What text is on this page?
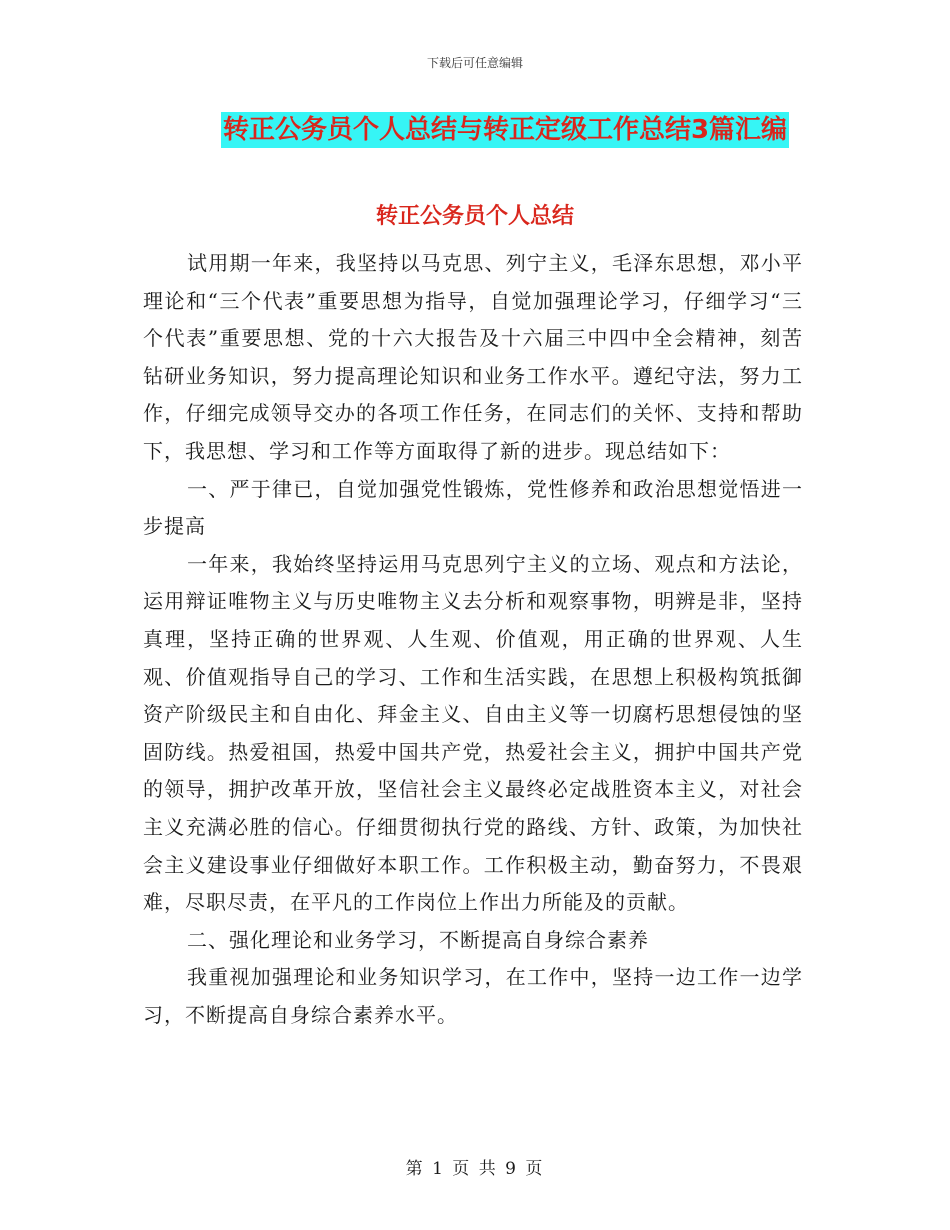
下载后可任意编辑
转正公务员个人总结与转正定级工作总结3篇汇编
转正公务员个人总结

试用期一年来，我坚持以马克思、列宁主义，毛泽东思想，邓小平理论和“三个代表”重要思想为指导，自觉加强理论学习，仔细学习“三个代表”重要思想、党的十六大报告及十六届三中四中全会精神，刻苦钻研业务知识，努力提高理论知识和业务工作水平。遵纪守法，努力工作，仔细完成领导交办的各项工作任务，在同志们的关怀、支持和帮助下，我思想、学习和工作等方面取得了新的进步。现总结如下：

一、严于律已，自觉加强党性锻炼，党性修养和政治思想觉悟进一步提高

一年来，我始终坚持运用马克思列宁主义的立场、观点和方法论，运用辩证唯物主义与历史唯物主义去分析和观察事物，明辨是非，坚持真理，坚持正确的世界观、人生观、价值观，用正确的世界观、人生观、价值观指导自己的学习、工作和生活实践，在思想上积极构筑抵御资产阶级民主和自由化、拜金主义、自由主义等一切腐朽思想侵蚀的坚固防线。热爱祖国，热爱中国共产党，热爱社会主义，拥护中国共产党的领导，拥护改革开放，坚信社会主义最终必定战胜资本主义，对社会主义充满必胜的信心。仔细贯彻执行党的路线、方针、政策，为加快社会主义建设事业仔细做好本职工作。工作积极主动，勤奋努力，不畏艰难，尽职尽责，在平凡的工作岗位上作出力所能及的贡献。

二、强化理论和业务学习，不断提高自身综合素养

我重视加强理论和业务知识学习，在工作中，坚持一边工作一边学习，不断提高自身综合素养水平。

第 1 页 共 9 页
